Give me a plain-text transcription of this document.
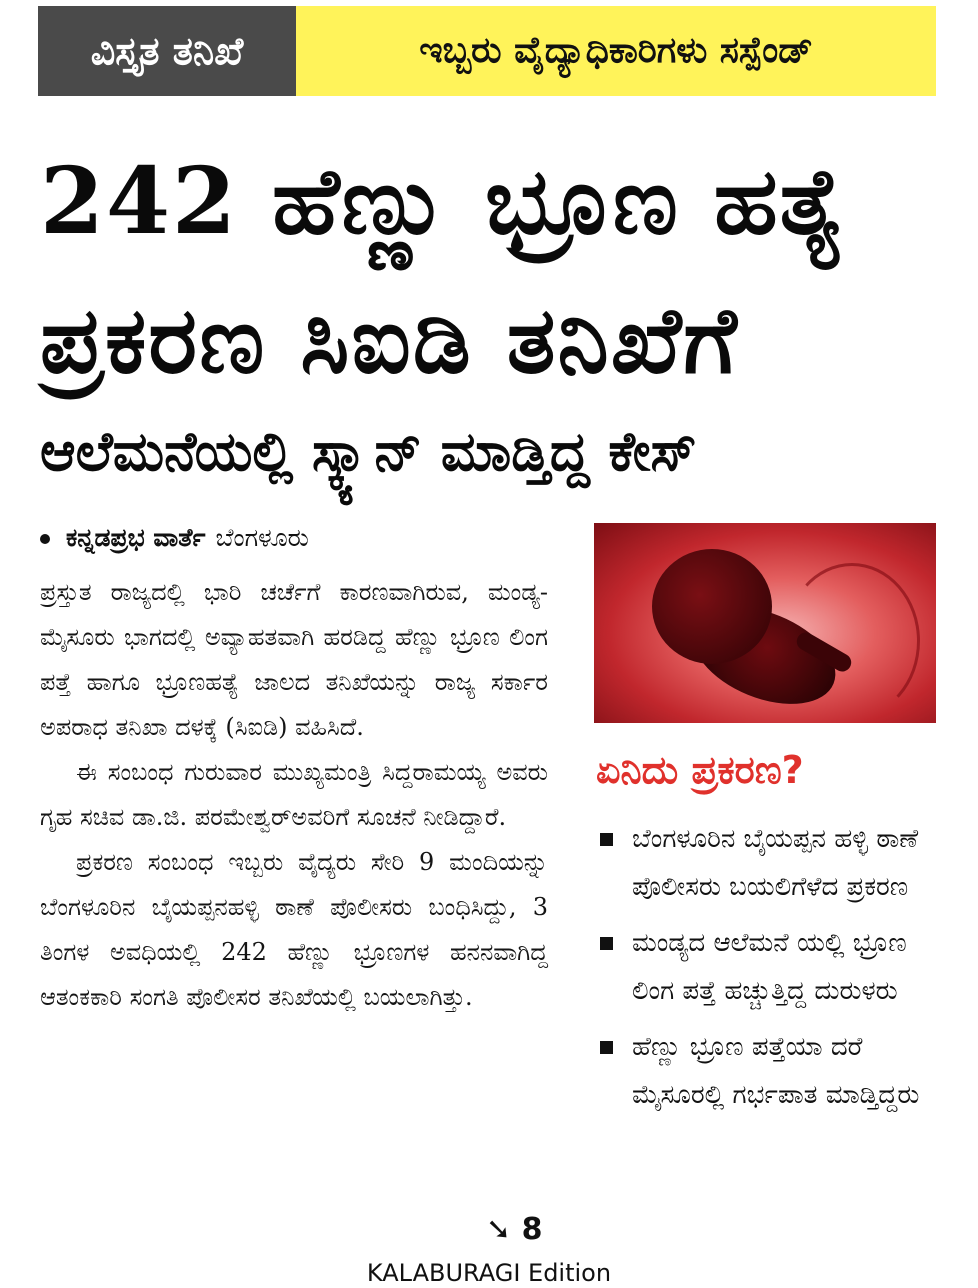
ವಿಸ್ತೃತ ತನಿಖೆ	ಇಬ್ಬರು ವೈದ್ಯಾಧಿಕಾರಿಗಳು ಸಸ್ಪೆಂಡ್
242 ಹೆಣ್ಣು ಭ್ರೂಣ ಹತ್ಯೆ
ಪ್ರಕರಣ ಸಿಐಡಿ ತನಿಖೆಗೆ
ಆಲೆಮನೆಯಲ್ಲಿ ಸ್ಕ್ಯಾನ್ ಮಾಡ್ತಿದ್ದ ಕೇಸ್
ಕನ್ನಡಪ್ರಭ ವಾರ್ತೆ ಬೆಂಗಳೂರು

ಪ್ರಸ್ತುತ ರಾಜ್ಯದಲ್ಲಿ ಭಾರಿ ಚರ್ಚೆಗೆ ಕಾರಣವಾಗಿರುವ, ಮಂಡ್ಯ-ಮೈಸೂರು ಭಾಗದಲ್ಲಿ ಅವ್ಯಾಹತವಾಗಿ ಹರಡಿದ್ದ ಹೆಣ್ಣು ಭ್ರೂಣ ಲಿಂಗ ಪತ್ತೆ ಹಾಗೂ ಭ್ರೂಣಹತ್ಯೆ ಜಾಲದ ತನಿಖೆಯನ್ನು ರಾಜ್ಯ ಸರ್ಕಾರ ಅಪರಾಧ ತನಿಖಾ ದಳಕ್ಕೆ (ಸಿಐಡಿ) ವಹಿಸಿದೆ.

ಈ ಸಂಬಂಧ ಗುರುವಾರ ಮುಖ್ಯಮಂತ್ರಿ ಸಿದ್ದರಾಮಯ್ಯ ಅವರು ಗೃಹ ಸಚಿವ ಡಾ.ಜಿ. ಪರಮೇಶ್ವರ್‌ಅವರಿಗೆ ಸೂಚನೆ ನೀಡಿದ್ದಾರೆ.

ಪ್ರಕರಣ ಸಂಬಂಧ ಇಬ್ಬರು ವೈದ್ಯರು ಸೇರಿ 9 ಮಂದಿಯನ್ನು ಬೆಂಗಳೂರಿನ ಬೈಯಪ್ಪನಹಳ್ಳಿ ಠಾಣೆ ಪೊಲೀಸರು ಬಂಧಿಸಿದ್ದು, 3 ತಿಂಗಳ ಅವಧಿಯಲ್ಲಿ 242 ಹೆಣ್ಣು ಭ್ರೂಣಗಳ ಹನನವಾಗಿದ್ದ ಆತಂಕಕಾರಿ ಸಂಗತಿ ಪೊಲೀಸರ ತನಿಖೆಯಲ್ಲಿ ಬಯಲಾಗಿತ್ತು.

➘ 8
ಏನಿದು ಪ್ರಕರಣ?
ಬೆಂಗಳೂರಿನ ಬೈಯಪ್ಪನ ಹಳ್ಳಿ ಠಾಣೆ ಪೊಲೀಸರು ಬಯಲಿಗೆಳೆದ ಪ್ರಕರಣ
ಮಂಡ್ಯದ ಆಲೆಮನೆ ಯಲ್ಲಿ ಭ್ರೂಣ ಲಿಂಗ ಪತ್ತೆ ಹಚ್ಚುತ್ತಿದ್ದ ದುರುಳರು
ಹೆಣ್ಣು ಭ್ರೂಣ ಪತ್ತೆಯಾ ದರೆ ಮೈಸೂರಲ್ಲಿ ಗರ್ಭಪಾತ ಮಾಡ್ತಿದ್ದರು
KALABURAGI Edition
